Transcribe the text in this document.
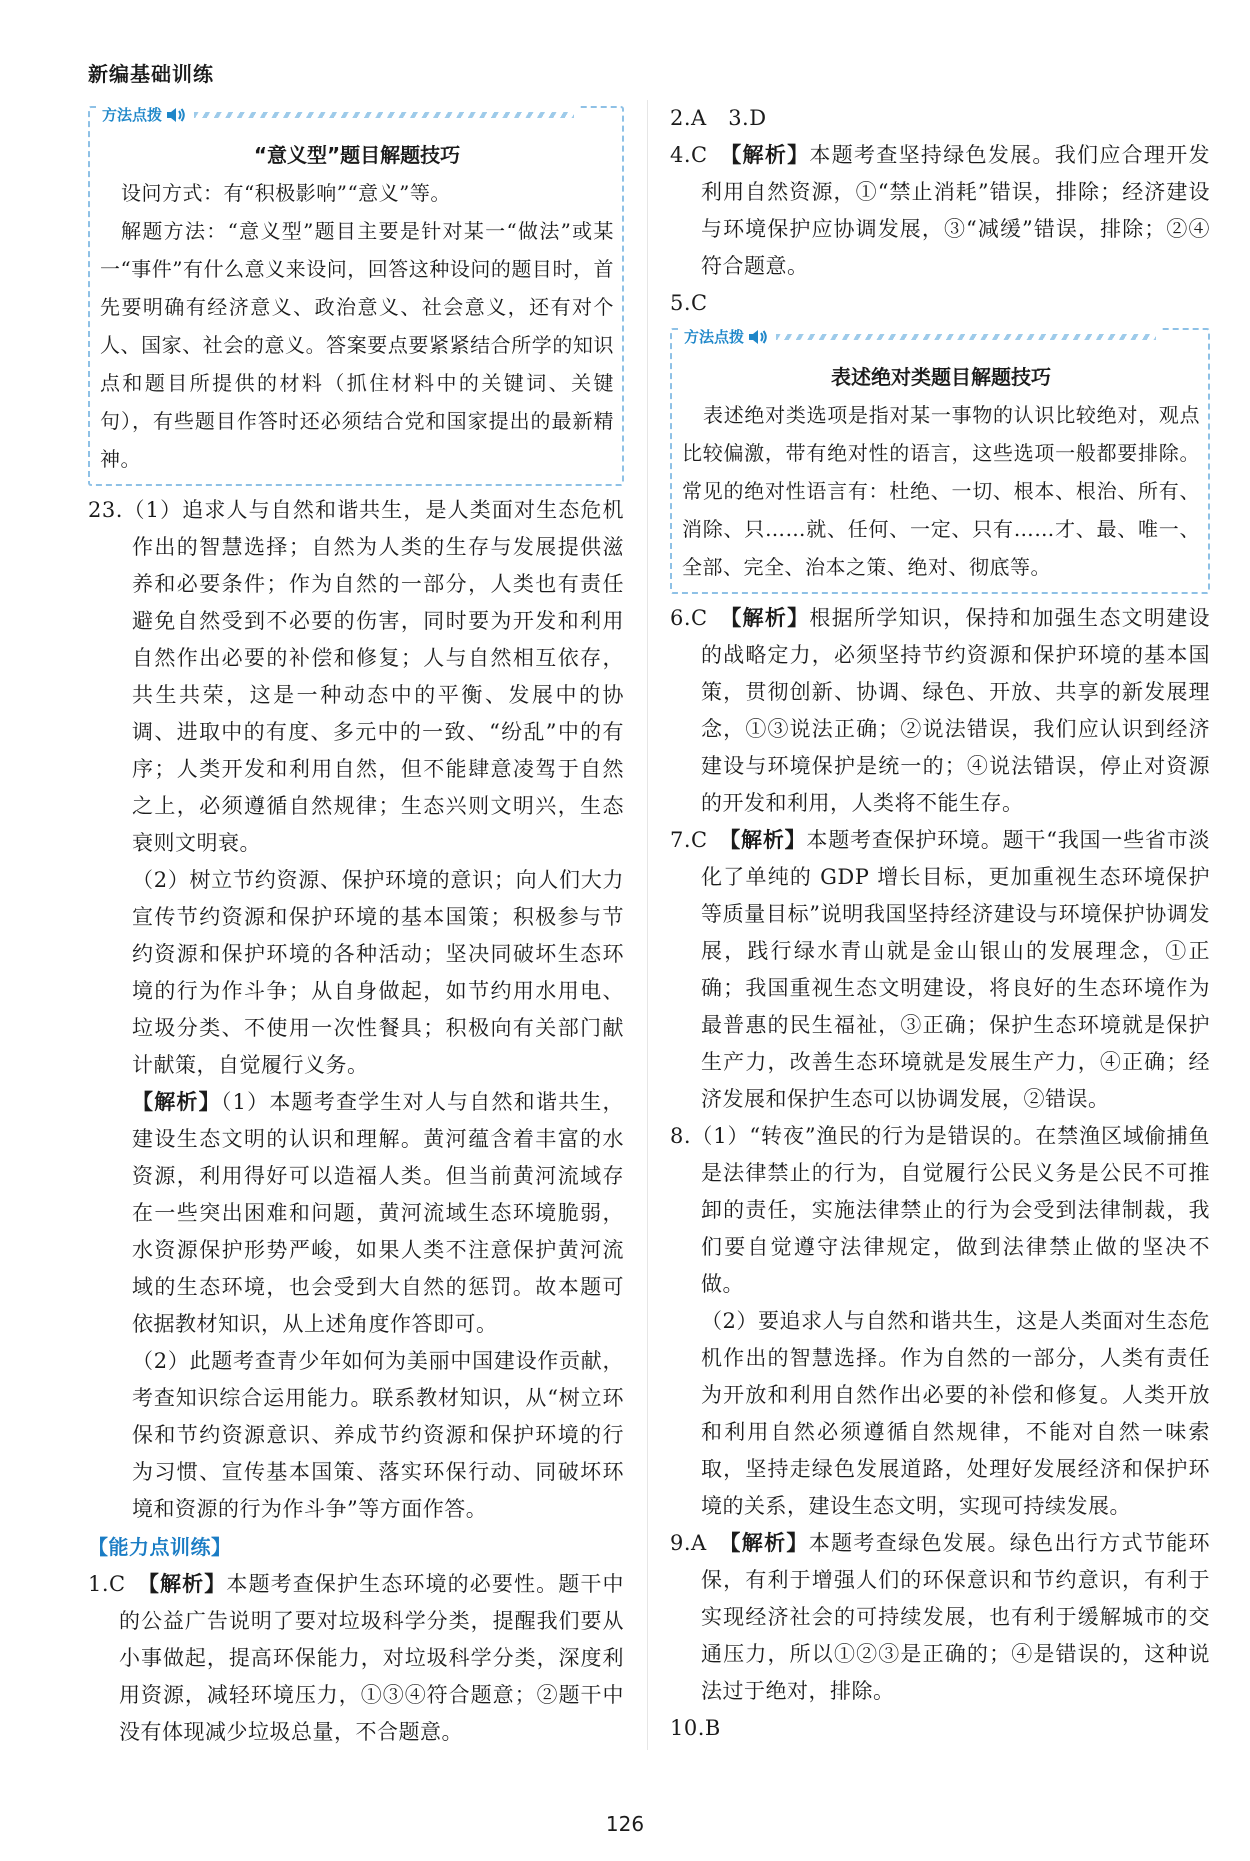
新编基础训练
方法点拨
“意义型”题目解题技巧

设问方式：有“积极影响”“意义”等。

解题方法：“意义型”题目主要是针对某一“做法”或某一“事件”有什么意义来设问，回答这种设问的题目时，首先要明确有经济意义、政治意义、社会意义，还有对个人、国家、社会的意义。答案要点要紧紧结合所学的知识点和题目所提供的材料（抓住材料中的关键词、关键句），有些题目作答时还必须结合党和国家提出的最新精神。

23.（1）追求人与自然和谐共生，是人类面对生态危机作出的智慧选择；自然为人类的生存与发展提供滋养和必要条件；作为自然的一部分，人类也有责任避免自然受到不必要的伤害，同时要为开发和利用自然作出必要的补偿和修复；人与自然相互依存，共生共荣，这是一种动态中的平衡、发展中的协调、进取中的有度、多元中的一致、“纷乱”中的有序；人类开发和利用自然，但不能肆意凌驾于自然之上，必须遵循自然规律；生态兴则文明兴，生态衰则文明衰。

（2）树立节约资源、保护环境的意识；向人们大力宣传节约资源和保护环境的基本国策；积极参与节约资源和保护环境的各种活动；坚决同破坏生态环境的行为作斗争；从自身做起，如节约用水用电、垃圾分类、不使用一次性餐具；积极向有关部门献计献策，自觉履行义务。

【解析】（1）本题考查学生对人与自然和谐共生，建设生态文明的认识和理解。黄河蕴含着丰富的水资源，利用得好可以造福人类。但当前黄河流域存在一些突出困难和问题，黄河流域生态环境脆弱，水资源保护形势严峻，如果人类不注意保护黄河流域的生态环境，也会受到大自然的惩罚。故本题可依据教材知识，从上述角度作答即可。

（2）此题考查青少年如何为美丽中国建设作贡献，考查知识综合运用能力。联系教材知识，从“树立环保和节约资源意识、养成节约资源和保护环境的行为习惯、宣传基本国策、落实环保行动、同破坏环境和资源的行为作斗争”等方面作答。

【能力点训练】

1.C　 【解析】本题考查保护生态环境的必要性。题干中的公益广告说明了要对垃圾科学分类，提醒我们要从小事做起，提高环保能力，对垃圾科学分类，深度利用资源，减轻环境压力，①③④符合题意；②题干中没有体现减少垃圾总量，不合题意。

2.A　3.D

4.C　 【解析】本题考查坚持绿色发展。我们应合理开发利用自然资源，①“禁止消耗”错误，排除；经济建设与环境保护应协调发展，③“减缓”错误，排除；②④符合题意。

5.C

方法点拨
表述绝对类题目解题技巧

表述绝对类选项是指对某一事物的认识比较绝对，观点比较偏激，带有绝对性的语言，这些选项一般都要排除。常见的绝对性语言有：杜绝、一切、根本、根治、所有、消除、只……就、任何、一定、只有……才、最、唯一、全部、完全、治本之策、绝对、彻底等。

6.C　 【解析】根据所学知识，保持和加强生态文明建设的战略定力，必须坚持节约资源和保护环境的基本国策，贯彻创新、协调、绿色、开放、共享的新发展理念，①③说法正确；②说法错误，我们应认识到经济建设与环境保护是统一的；④说法错误，停止对资源的开发和利用，人类将不能生存。

7.C　 【解析】本题考查保护环境。题干“我国一些省市淡化了单纯的 GDP 增长目标，更加重视生态环境保护等质量目标”说明我国坚持经济建设与环境保护协调发展，践行绿水青山就是金山银山的发展理念，①正确；我国重视生态文明建设，将良好的生态环境作为最普惠的民生福祉，③正确；保护生态环境就是保护生产力，改善生态环境就是发展生产力，④正确；经济发展和保护生态可以协调发展，②错误。

8.（1）“转夜”渔民的行为是错误的。在禁渔区域偷捕鱼是法律禁止的行为，自觉履行公民义务是公民不可推卸的责任，实施法律禁止的行为会受到法律制裁，我们要自觉遵守法律规定，做到法律禁止做的坚决不做。

（2）要追求人与自然和谐共生，这是人类面对生态危机作出的智慧选择。作为自然的一部分，人类有责任为开放和利用自然作出必要的补偿和修复。人类开放和利用自然必须遵循自然规律，不能对自然一味索取，坚持走绿色发展道路，处理好发展经济和保护环境的关系，建设生态文明，实现可持续发展。

9.A　 【解析】本题考查绿色发展。绿色出行方式节能环保，有利于增强人们的环保意识和节约意识，有利于实现经济社会的可持续发展，也有利于缓解城市的交通压力，所以①②③是正确的；④是错误的，这种说法过于绝对，排除。

10.B

126
